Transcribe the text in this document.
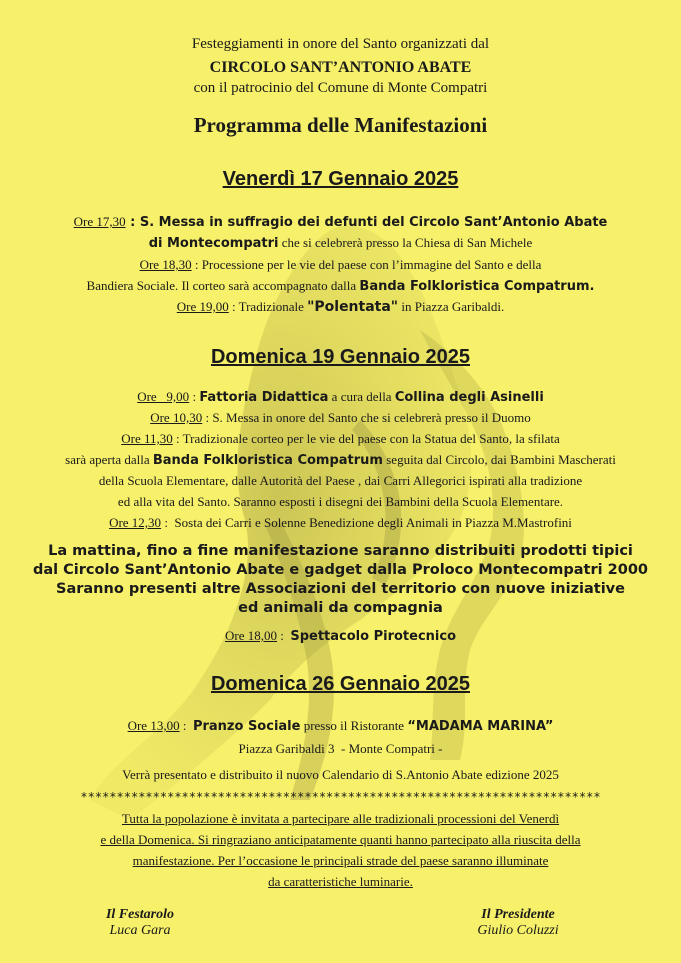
Festeggiamenti in onore del Santo organizzati dal
CIRCOLO SANT’ANTONIO ABATE
con il patrocinio del Comune di Monte Compatri
Programma delle Manifestazioni
Venerdì 17 Gennaio 2025
Ore 17,30 : S. Messa in suffragio dei defunti del Circolo Sant’Antonio Abate
di Montecompatri che si celebrerà presso la Chiesa di San Michele
Ore 18,30 : Processione per le vie del paese con l’immagine del Santo e della
Bandiera Sociale. Il corteo sarà accompagnato dalla Banda Folkloristica Compatrum.
Ore 19,00 : Tradizionale "Polentata" in Piazza Garibaldi.
Domenica 19 Gennaio 2025
Ore   9,00 : Fattoria Didattica a cura della Collina degli Asinelli
Ore 10,30 : S. Messa in onore del Santo che si celebrerà presso il Duomo
Ore 11,30 : Tradizionale corteo per le vie del paese con la Statua del Santo, la sfilata
sarà aperta dalla Banda Folkloristica Compatrum seguita dal Circolo, dai Bambini Mascherati
della Scuola Elementare, dalle Autorità del Paese , dai Carri Allegorici ispirati alla tradizione
ed alla vita del Santo. Saranno esposti i disegni dei Bambini della Scuola Elementare.
Ore 12,30 :  Sosta dei Carri e Solenne Benedizione degli Animali in Piazza M.Mastrofini
La mattina, fino a fine manifestazione saranno distribuiti prodotti tipici
dal Circolo Sant’Antonio Abate e gadget dalla Proloco Montecompatri 2000
Saranno presenti altre Associazioni del territorio con nuove iniziative
ed animali da compagnia
Ore 18,00 :  Spettacolo Pirotecnico
Domenica 26 Gennaio 2025
Ore 13,00 :  Pranzo Sociale presso il Ristorante “MADAMA MARINA”
Piazza Garibaldi 3  - Monte Compatri -
Verrà presentato e distribuito il nuovo Calendario di S.Antonio Abate edizione 2025
************************************************************************
Tutta la popolazione è invitata a partecipare alle tradizionali processioni del Venerdì
e della Domenica. Si ringraziano anticipatamente quanti hanno partecipato alla riuscita della
manifestazione. Per l’occasione le principali strade del paese saranno illuminate
da caratteristiche luminarie.
Il Festarolo
Luca Gara
Il Presidente
Giulio Coluzzi
